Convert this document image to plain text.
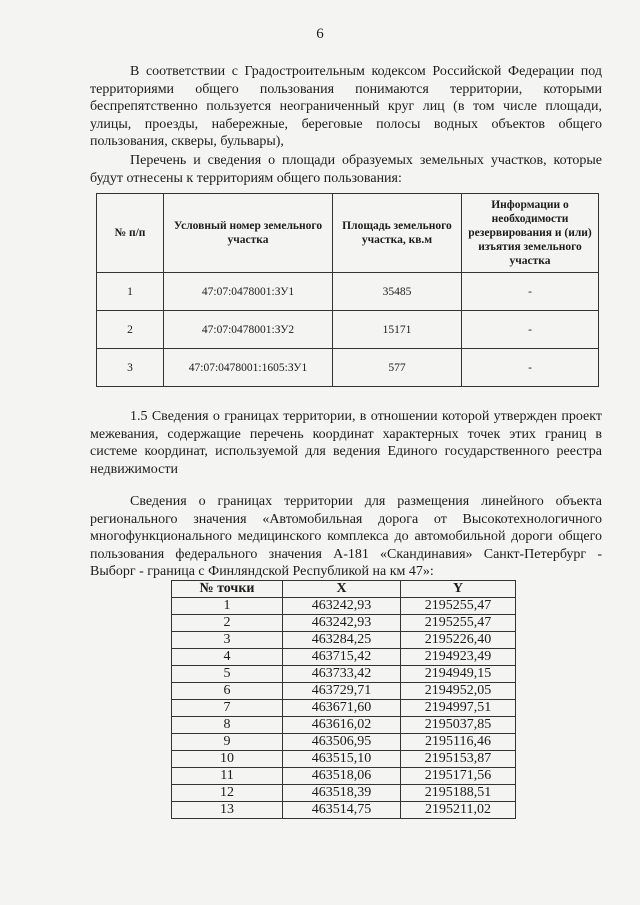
6
В соответствии с Градостроительным кодексом Российской Федерации под территориями общего пользования понимаются территории, которыми беспрепятственно пользуется неограниченный круг лиц (в том числе площади, улицы, проезды, набережные, береговые полосы водных объектов общего пользования, скверы, бульвары),
Перечень и сведения о площади образуемых земельных участков, которые будут отнесены к территориям общего пользования:
№ п/п	Условный номер земельного участка	Площадь земельного участка, кв.м	Информации о необходимости резервирования и (или) изъятия земельного участка
1	47:07:0478001:ЗУ1	35485	-
2	47:07:0478001:ЗУ2	15171	-
3	47:07:0478001:1605:ЗУ1	577	-
1.5 Сведения о границах территории, в отношении которой утвержден проект межевания, содержащие перечень координат характерных точек этих границ в системе координат, используемой для ведения Единого государственного реестра недвижимости
Сведения о границах территории для размещения линейного объекта регионального значения «Автомобильная дорога от Высокотехнологичного многофункционального медицинского комплекса до автомобильной дороги общего пользования федерального значения А-181 «Скандинавия» Санкт-Петербург - Выборг - граница с Финляндской Республикой на км 47»:
№ точки	X	Y
1	463242,93	2195255,47
2	463242,93	2195255,47
3	463284,25	2195226,40
4	463715,42	2194923,49
5	463733,42	2194949,15
6	463729,71	2194952,05
7	463671,60	2194997,51
8	463616,02	2195037,85
9	463506,95	2195116,46
10	463515,10	2195153,87
11	463518,06	2195171,56
12	463518,39	2195188,51
13	463514,75	2195211,02
